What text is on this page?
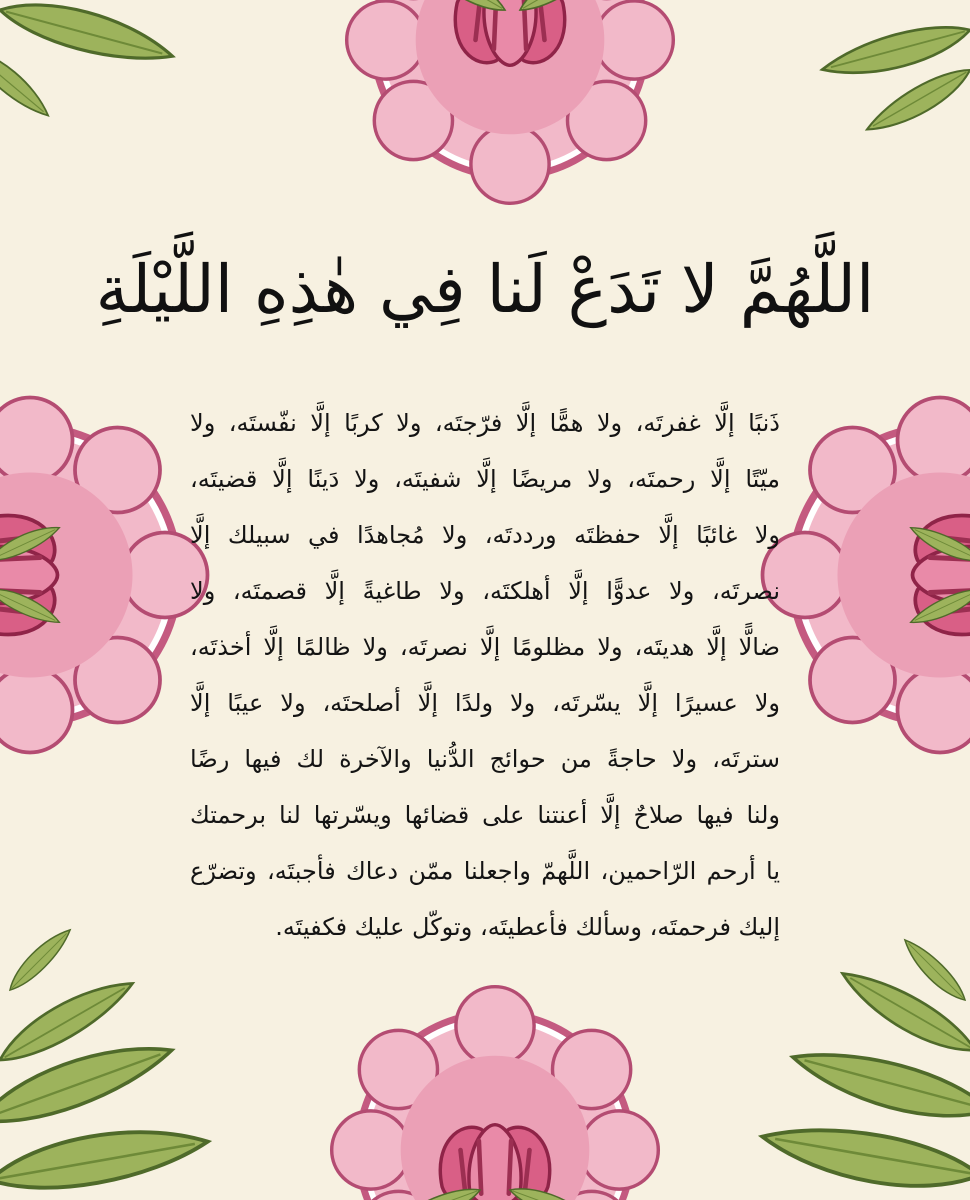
اللَّهُمَّ لا تَدَعْ لَنا فِي هٰذِهِ اللَّيْلَةِ
ذَنبًا إلَّا غفرتَه، ولا همًّا إلَّا فرّجتَه، ولا كربًا إلَّا نفّستَه، ولا
ميّتًا إلَّا رحمتَه، ولا مريضًا إلَّا شفيتَه، ولا دَينًا إلَّا قضيتَه،
ولا غائبًا إلَّا حفظتَه ورددتَه، ولا مُجاهدًا في سبيلك إلَّا
نصرتَه، ولا عدوًّا إلَّا أهلكتَه، ولا طاغيةً إلَّا قصمتَه، ولا
ضالًّا إلَّا هديتَه، ولا مظلومًا إلَّا نصرتَه، ولا ظالمًا إلَّا أخذتَه،
ولا عسيرًا إلَّا يسّرتَه، ولا ولدًا إلَّا أصلحتَه، ولا عيبًا إلَّا
سترتَه، ولا حاجةً من حوائج الدُّنيا والآخرة لك فيها رضًا
ولنا فيها صلاحٌ إلَّا أعنتنا على قضائها ويسّرتها لنا برحمتك
يا أرحم الرّاحمين، اللَّهمّ واجعلنا ممّن دعاك فأجبتَه، وتضرّع
إليك فرحمتَه، وسألك فأعطيتَه، وتوكّل عليك فكفيتَه.
